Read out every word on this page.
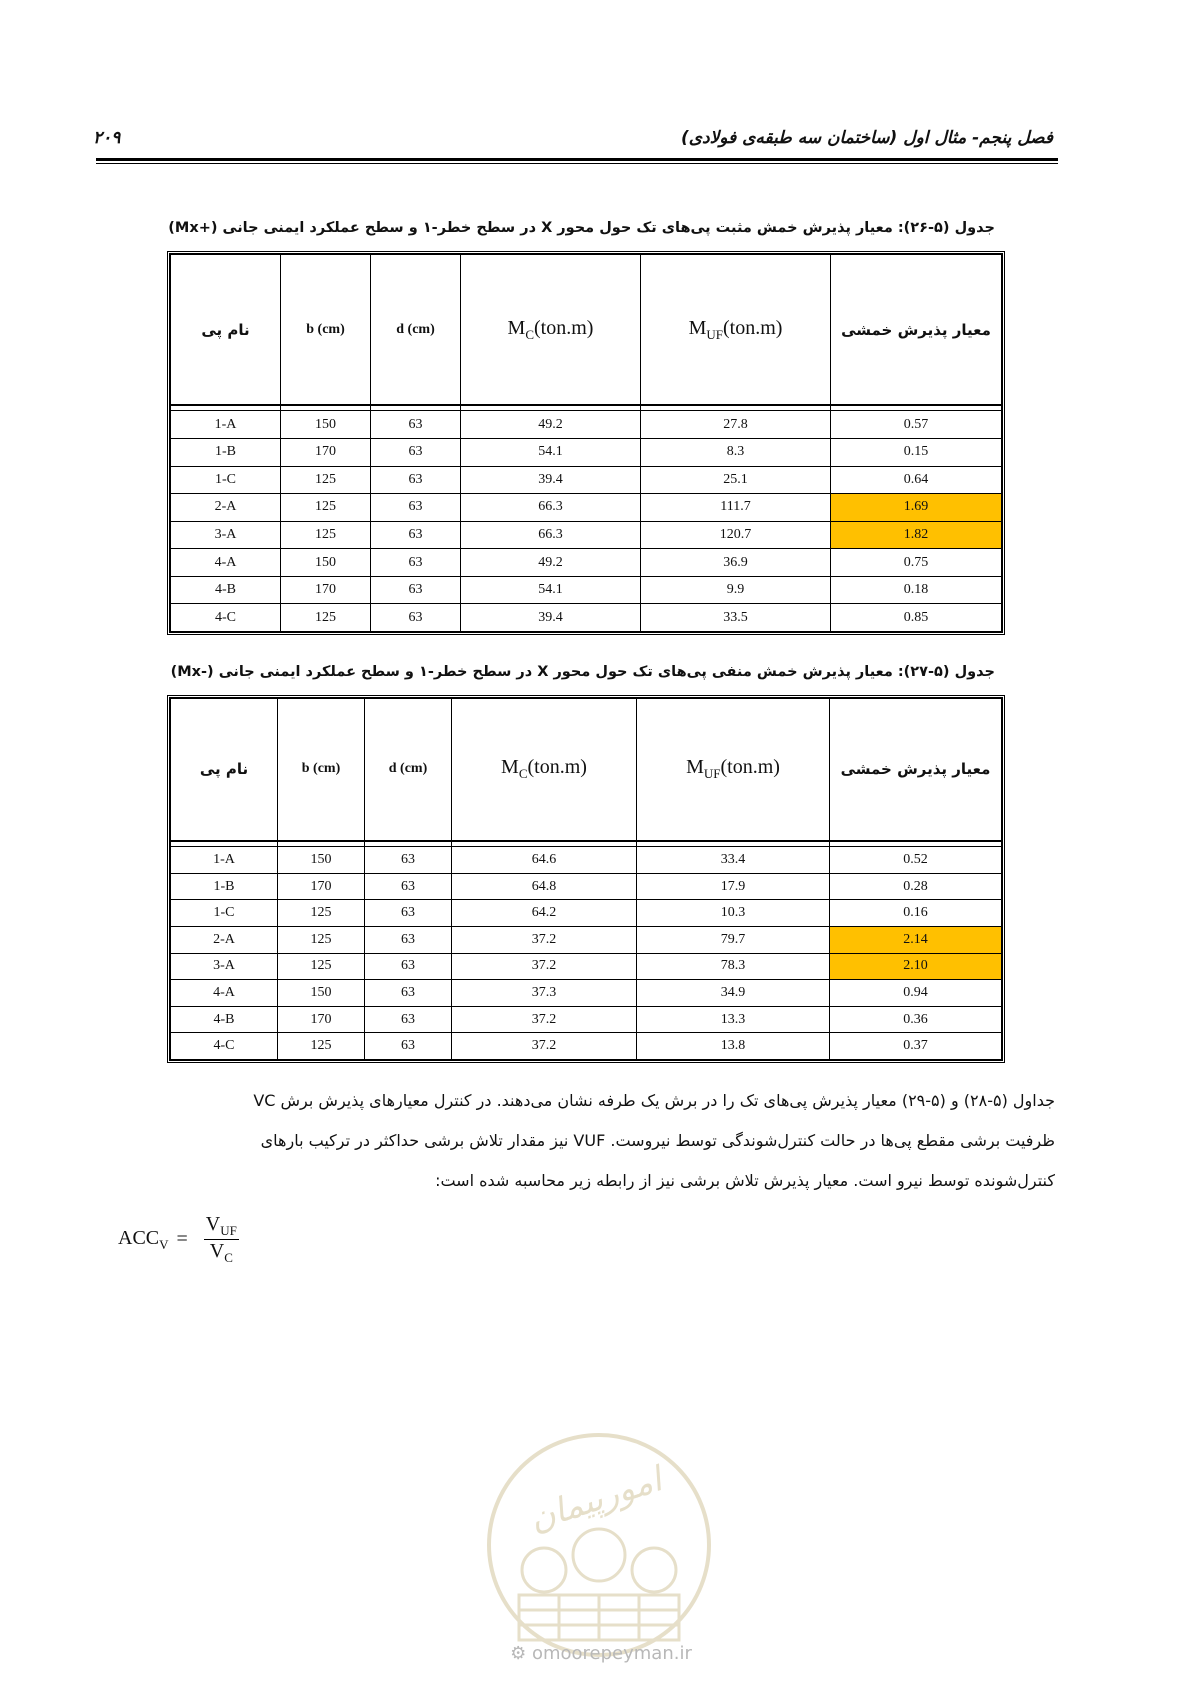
فصل پنجم- مثال اول (ساختمان سه طبقه‌ی فولادی)
۲۰۹
جدول (۵-۲۶): معیار پذیرش خمش مثبت پی‌های تک حول محور X در سطح خطر-۱ و سطح عملکرد ایمنی جانی (+Mx)
نام پی	b (cm)	d (cm)	$M_C(ton.m)$	$M_{UF}(ton.m)$	معیار پذیرش خمشی

1-A	150	63	49.2	27.8	0.57
1-B	170	63	54.1	8.3	0.15
1-C	125	63	39.4	25.1	0.64
2-A	125	63	66.3	111.7	1.69
3-A	125	63	66.3	120.7	1.82
4-A	150	63	49.2	36.9	0.75
4-B	170	63	54.1	9.9	0.18
4-C	125	63	39.4	33.5	0.85
جدول (۵-۲۷): معیار پذیرش خمش منفی پی‌های تک حول محور X در سطح خطر-۱ و سطح عملکرد ایمنی جانی (-Mx)
نام پی	b (cm)	d (cm)	$M_C(ton.m)$	$M_{UF}(ton.m)$	معیار پذیرش خمشی

1-A	150	63	64.6	33.4	0.52
1-B	170	63	64.8	17.9	0.28
1-C	125	63	64.2	10.3	0.16
2-A	125	63	37.2	79.7	2.14
3-A	125	63	37.2	78.3	2.10
4-A	150	63	37.3	34.9	0.94
4-B	170	63	37.2	13.3	0.36
4-C	125	63	37.2	13.8	0.37
جداول (۵-۲۸) و (۵-۲۹) معیار پذیرش پی‌های تک را در برش یک طرفه نشان می‌دهند. در کنترل معیارهای پذیرش برش VC
ظرفیت برشی مقطع پی‌ها در حالت کنترل‌شوندگی توسط نیروست. VUF نیز مقدار تلاش برشی حداکثر در ترکیب بارهای
کنترل‌شونده توسط نیرو است. معیار پذیرش تلاش برشی نیز از رابطه زیر محاسبه شده است:
$ACC_V = \frac{V_{UF}}{V_C}$
امورپیمان
⚙ omoorepeyman.ir
